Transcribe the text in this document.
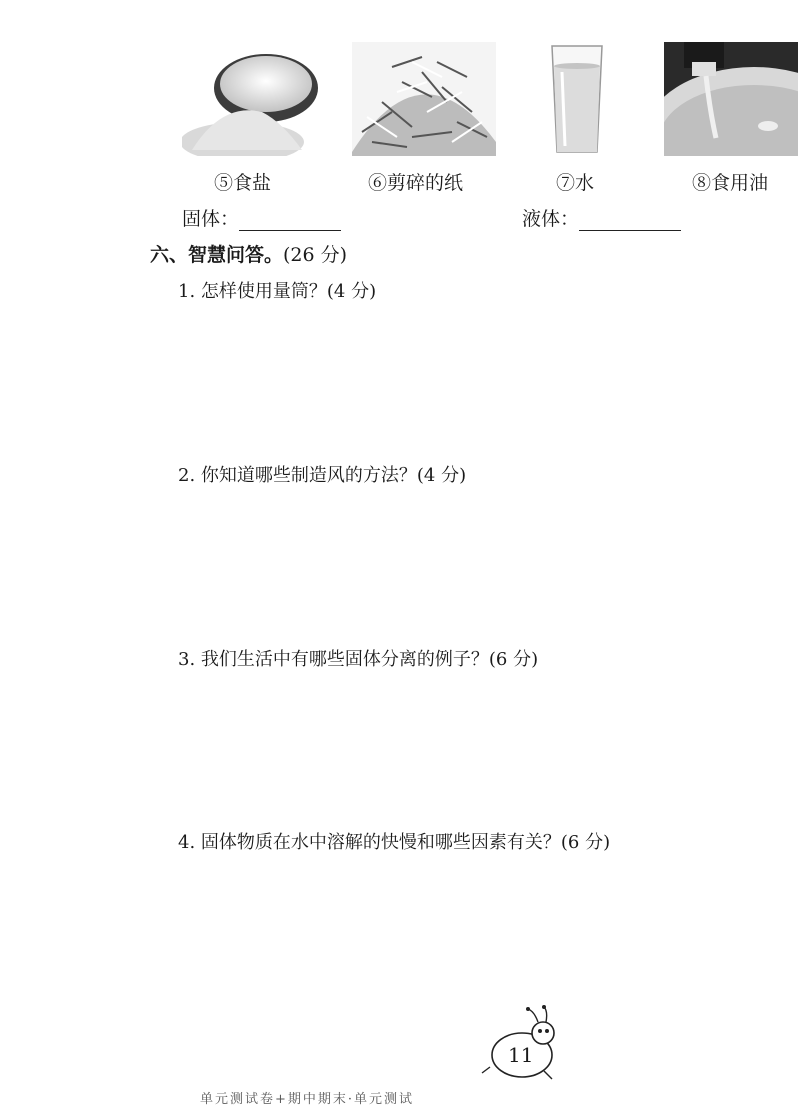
⑤食盐	⑥剪碎的纸	⑦水	⑧食用油
固体：	液体：
六、智慧问答。(26 分)
1. 怎样使用量筒？(4 分)
2. 你知道哪些制造风的方法？(4 分)
3. 我们生活中有哪些固体分离的例子？(6 分)
4. 固体物质在水中溶解的快慢和哪些因素有关？(6 分)
11
单元测试卷+期中期末·单元测试
